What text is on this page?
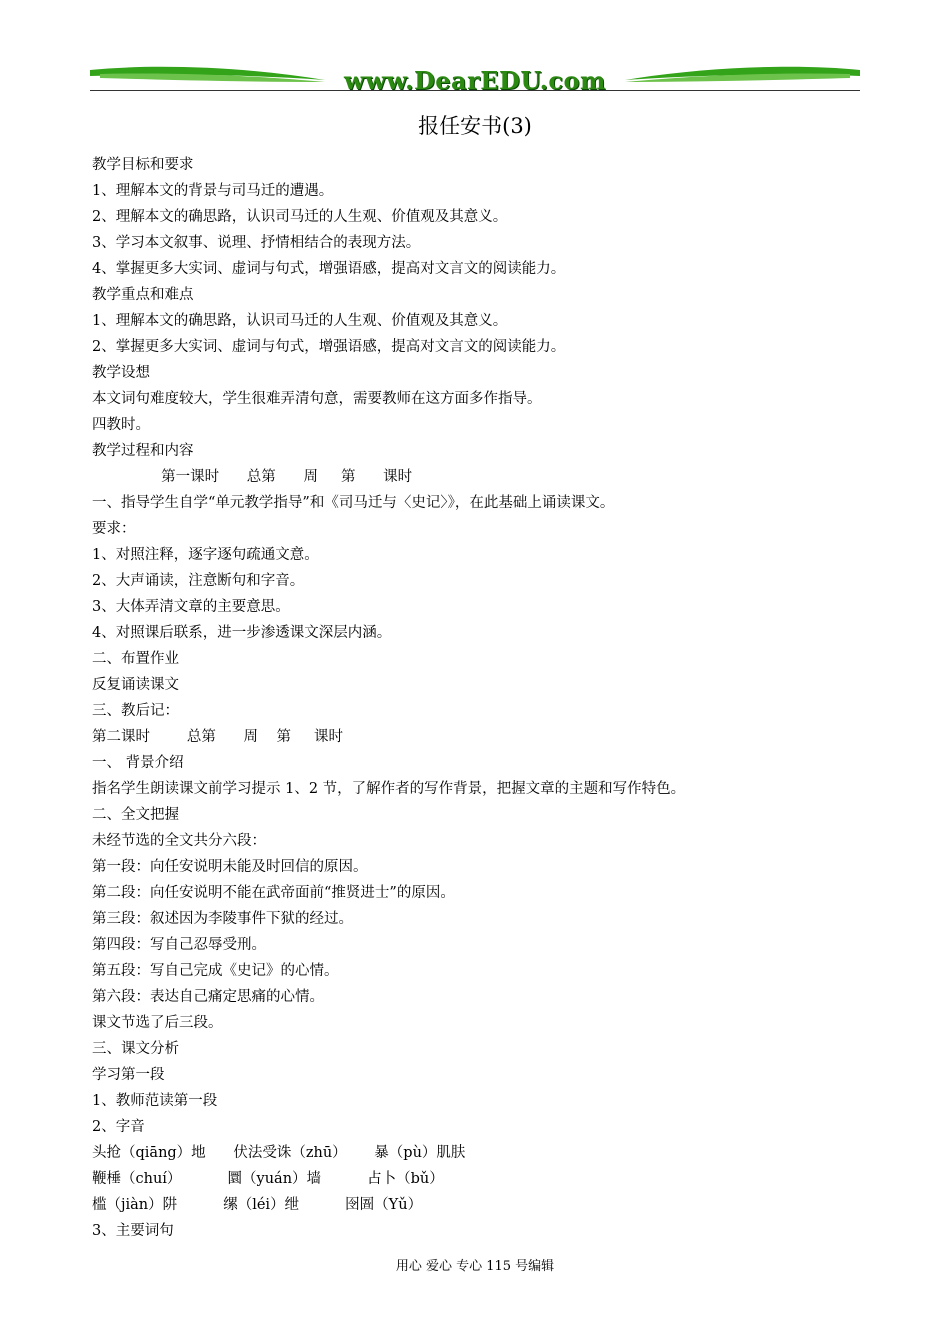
www.DearEDU.com
报任安书(3)
教学目标和要求
1、理解本文的背景与司马迁的遭遇。
2、理解本文的确思路，认识司马迁的人生观、价值观及其意义。
3、学习本文叙事、说理、抒情相结合的表现方法。
4、掌握更多大实词、虚词与句式，增强语感，提高对文言文的阅读能力。
教学重点和难点
1、理解本文的确思路，认识司马迁的人生观、价值观及其意义。
2、掌握更多大实词、虚词与句式，增强语感，提高对文言文的阅读能力。
教学设想
本文词句难度较大，学生很难弄清句意，需要教师在这方面多作指导。
四教时。
教学过程和内容
第一课时      总第      周     第      课时
一、指导学生自学“单元教学指导”和《司马迁与〈史记〉》，在此基础上诵读课文。
要求：
1、对照注释，逐字逐句疏通文意。
2、大声诵读，注意断句和字音。
3、大体弄清文章的主要意思。
4、对照课后联系，进一步渗透课文深层内涵。
二、布置作业
反复诵读课文
三、教后记：
第二课时        总第      周    第     课时
一、 背景介绍
指名学生朗读课文前学习提示 1、2 节，了解作者的写作背景，把握文章的主题和写作特色。
二、全文把握
未经节选的全文共分六段：
第一段：向任安说明未能及时回信的原因。
第二段：向任安说明不能在武帝面前“推贤进士”的原因。
第三段：叙述因为李陵事件下狱的经过。
第四段：写自己忍辱受刑。
第五段：写自己完成《史记》的心情。
第六段：表达自己痛定思痛的心情。
课文节选了后三段。
三、课文分析
学习第一段
1、教师范读第一段
2、字音
头抢（qiāng）地      伏法受诛（zhū）      暴（pù）肌肤
鞭棰（chuí）          圜（yuán）墙          占卜（bǔ）
槛（jiàn）阱          缧（léi）绁          囹圄（Yǔ）
3、主要词句
用心 爱心 专心 115 号编辑
